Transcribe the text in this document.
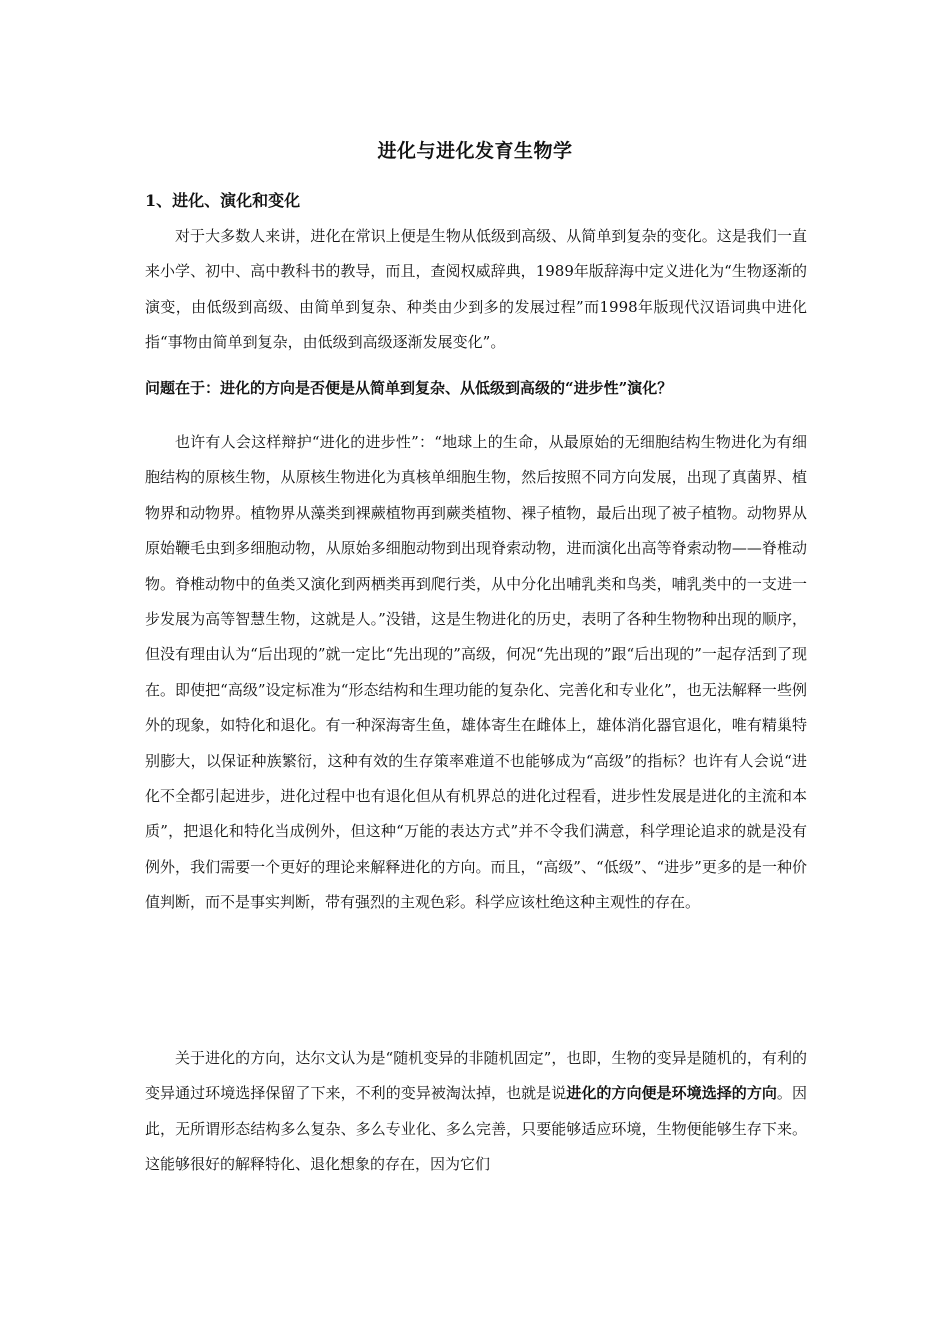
进化与进化发育生物学
1、进化、演化和变化

对于大多数人来讲，进化在常识上便是生物从低级到高级、从简单到复杂的变化。这是我们一直来小学、初中、高中教科书的教导，而且，查阅权威辞典，1989年版辞海中定义进化为“生物逐渐的演变，由低级到高级、由简单到复杂、种类由少到多的发展过程”而1998年版现代汉语词典中进化指“事物由简单到复杂，由低级到高级逐渐发展变化”。

问题在于：进化的方向是否便是从简单到复杂、从低级到高级的“进步性”演化？

也许有人会这样辩护“进化的进步性”：“地球上的生命，从最原始的无细胞结构生物进化为有细胞结构的原核生物，从原核生物进化为真核单细胞生物，然后按照不同方向发展，出现了真菌界、植物界和动物界。植物界从藻类到裸蕨植物再到蕨类植物、裸子植物，最后出现了被子植物。动物界从原始鞭毛虫到多细胞动物，从原始多细胞动物到出现脊索动物，进而演化出高等脊索动物——脊椎动物。脊椎动物中的鱼类又演化到两栖类再到爬行类，从中分化出哺乳类和鸟类，哺乳类中的一支进一步发展为高等智慧生物，这就是人。”没错，这是生物进化的历史，表明了各种生物物种出现的顺序，但没有理由认为“后出现的”就一定比“先出现的”高级，何况“先出现的”跟“后出现的”一起存活到了现在。即使把“高级”设定标准为“形态结构和生理功能的复杂化、完善化和专业化”，也无法解释一些例外的现象，如特化和退化。有一种深海寄生鱼，雄体寄生在雌体上，雄体消化器官退化，唯有精巢特别膨大，以保证种族繁衍，这种有效的生存策率难道不也能够成为“高级”的指标？也许有人会说“进化不全都引起进步，进化过程中也有退化但从有机界总的进化过程看，进步性发展是进化的主流和本质”，把退化和特化当成例外，但这种“万能的表达方式”并不令我们满意，科学理论追求的就是没有例外，我们需要一个更好的理论来解释进化的方向。而且，“高级”、“低级”、“进步”更多的是一种价值判断，而不是事实判断，带有强烈的主观色彩。科学应该杜绝这种主观性的存在。

关于进化的方向，达尔文认为是“随机变异的非随机固定”，也即，生物的变异是随机的，有利的变异通过环境选择保留了下来，不利的变异被淘汰掉，也就是说进化的方向便是环境选择的方向。因此，无所谓形态结构多么复杂、多么专业化、多么完善，只要能够适应环境，生物便能够生存下来。这能够很好的解释特化、退化想象的存在，因为它们
